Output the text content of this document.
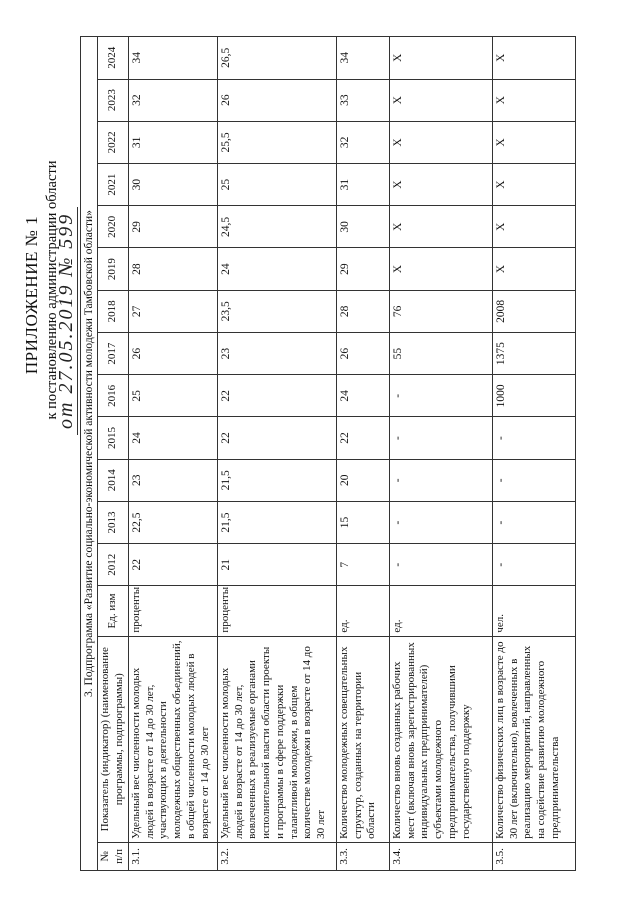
ПРИЛОЖЕНИЕ № 1 к постановлению администрации области
от 27.05.2019 № 599 3. Подпрограмма «Развитие социально-экономической активности молодежи Тамбовской области»															
№ п/п	Показатель (индикатор) (наименование программы, подпрограммы)	Ед. изм	2012	2013	2014	2015	2016	2017	2018	2019	2020	2021	2022	2023	2024
3.1.	Удельный вес численности молодых людей в возрасте от 14 до 30 лет, участвующих в деятельности молодежных общественных объединений, в общей численности молодых людей в возрасте от 14 до 30 лет	проценты	22	22,5	23	24	25	26	27	28	29	30	31	32	34
3.2.	Удельный вес численности молодых людей в возрасте от 14 до 30 лет, вовлеченных в реализуемые органами исполнительной власти области проекты и программы в сфере поддержки талантливой молодежи, в общем количестве молодежи в возрасте от 14 до 30 лет	проценты	21	21,5	21,5	22	22	23	23,5	24	24,5	25	25,5	26	26,5
3.3.	Количество молодежных совещательных структур, созданных на территории области	ед.	7	15	20	22	24	26	28	29	30	31	32	33	34
3.4.	Количество вновь созданных рабочих мест (включая вновь зарегистрированных индивидуальных предпринимателей) субъектами молодежного предпринимательства, получившими государственную поддержку	ед.	-	-	-	-	-	55	76	X	X	X	X	X	X
3.5.	Количество физических лиц в возрасте до 30 лет (включительно), вовлеченных в реализацию мероприятий, направленных на содействие развитию молодежного предпринимательства	чел.	-	-	-	-	1000	1375	2008	X	X	X	X	X	X
